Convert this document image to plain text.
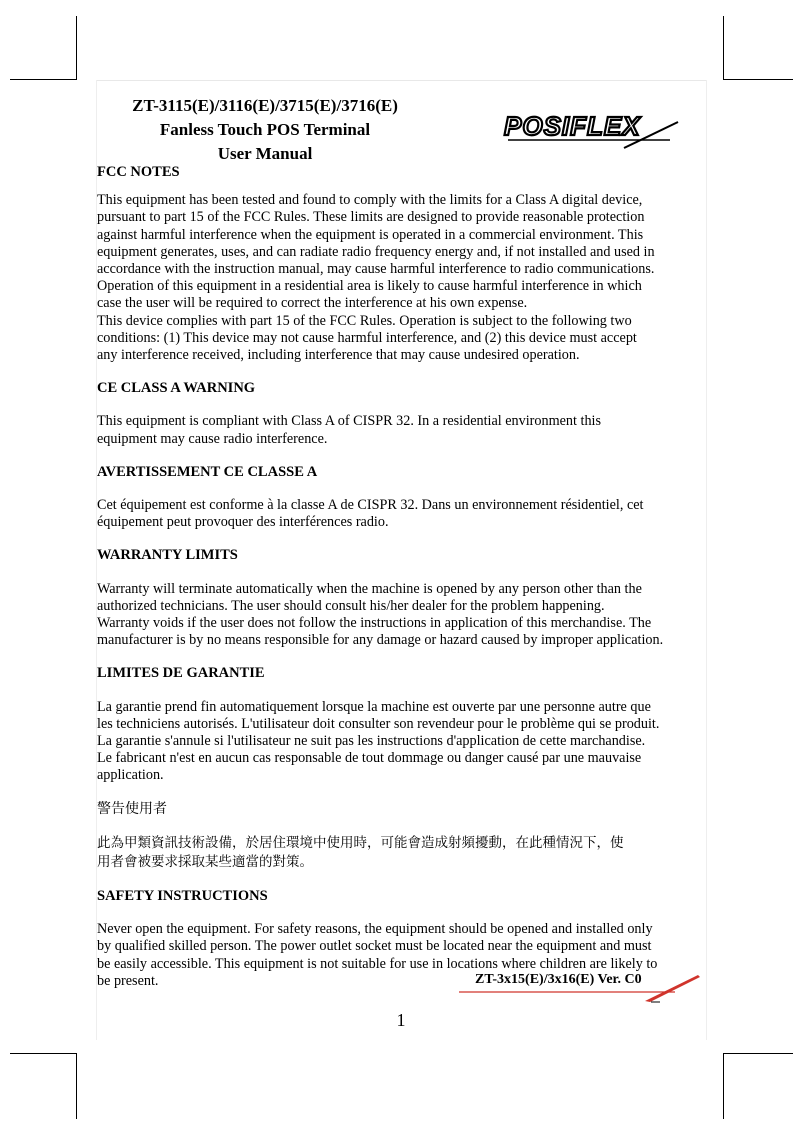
ZT-3115(E)/3116(E)/3715(E)/3716(E)
Fanless Touch POS Terminal
User Manual
POSIFLEX
FCC NOTES

This equipment has been tested and found to comply with the limits for a Class A digital device,

pursuant to part 15 of the FCC Rules. These limits are designed to provide reasonable protection

against harmful interference when the equipment is operated in a commercial environment. This

equipment generates, uses, and can radiate radio frequency energy and, if not installed and used in

accordance with the instruction manual, may cause harmful interference to radio communications.

Operation of this equipment in a residential area is likely to cause harmful interference in which

case the user will be required to correct the interference at his own expense.

This device complies with part 15 of the FCC Rules. Operation is subject to the following two

conditions: (1) This device may not cause harmful interference, and (2) this device must accept

any interference received, including interference that may cause undesired operation.

CE CLASS A WARNING

This equipment is compliant with Class A of CISPR 32. In a residential environment this

equipment may cause radio interference.

AVERTISSEMENT CE CLASSE A

Cet équipement est conforme à la classe A de CISPR 32. Dans un environnement résidentiel, cet

équipement peut provoquer des interférences radio.

WARRANTY LIMITS

Warranty will terminate automatically when the machine is opened by any person other than the

authorized technicians. The user should consult his/her dealer for the problem happening.

Warranty voids if the user does not follow the instructions in application of this merchandise. The

manufacturer is by no means responsible for any damage or hazard caused by improper application.

LIMITES DE GARANTIE

La garantie prend fin automatiquement lorsque la machine est ouverte par une personne autre que

les techniciens autorisés. L'utilisateur doit consulter son revendeur pour le problème qui se produit.

La garantie s'annule si l'utilisateur ne suit pas les instructions d'application de cette marchandise.

Le fabricant n'est en aucun cas responsable de tout dommage ou danger causé par une mauvaise

application.

警告使用者

此為甲類資訊技術設備，於居住環境中使用時，可能會造成射頻擾動，在此種情況下，使

用者會被要求採取某些適當的對策。

SAFETY INSTRUCTIONS

Never open the equipment. For safety reasons, the equipment should be opened and installed only

by qualified skilled person. The power outlet socket must be located near the equipment and must

be easily accessible. This equipment is not suitable for use in locations where children are likely to

be present.	ZT-3x15(E)/3x16(E) Ver. C0
1
